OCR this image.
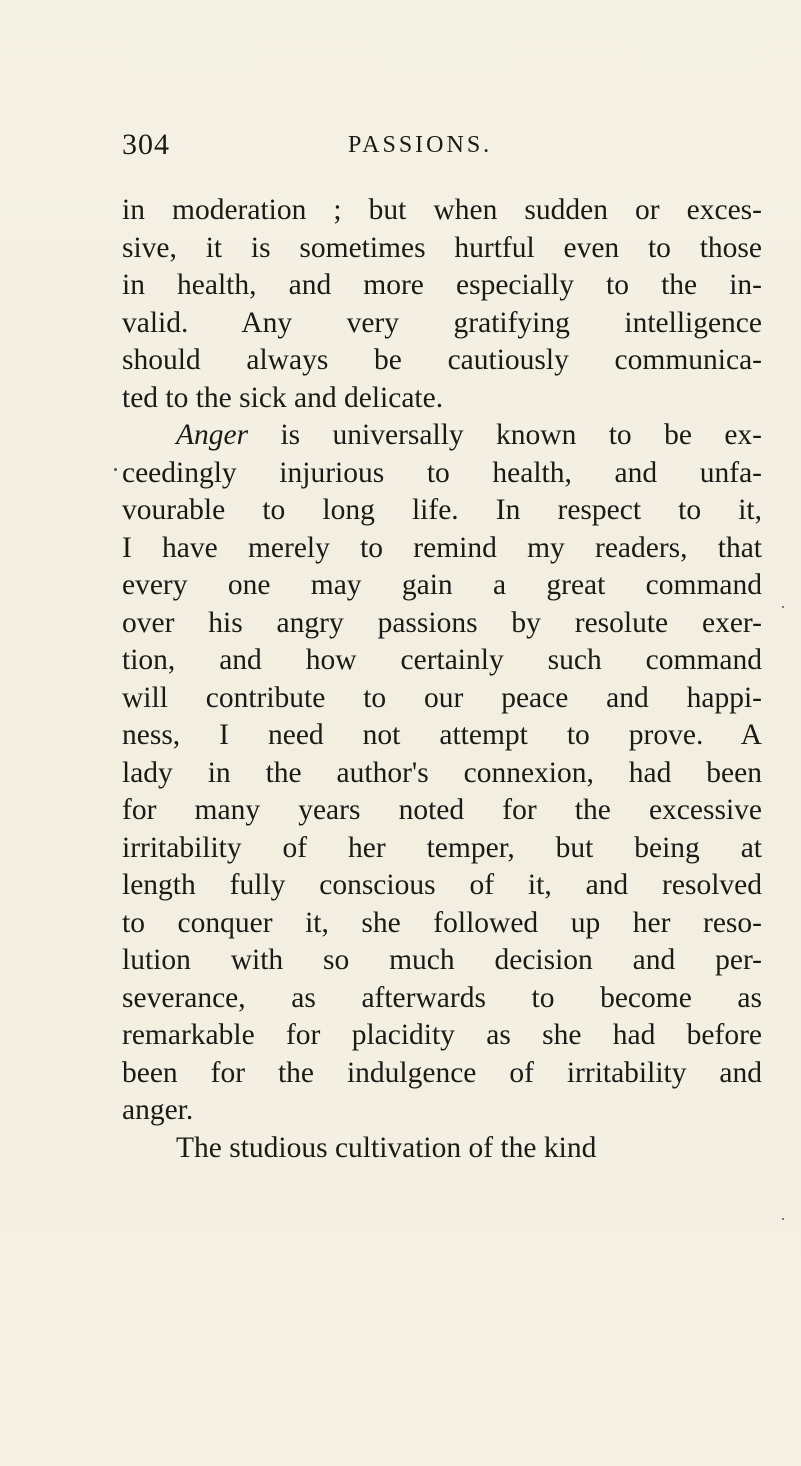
304	PASSIONS.
in moderation ; but when sudden or exces-
sive, it is sometimes hurtful even to those
in health, and more especially to the in-
valid. Any very gratifying intelligence
should always be cautiously communica-
ted to the sick and delicate.
Anger is universally known to be ex-
ceedingly injurious to health, and unfa-
vourable to long life. In respect to it,
I have merely to remind my readers, that
every one may gain a great command
over his angry passions by resolute exer-
tion, and how certainly such command
will contribute to our peace and happi-
ness, I need not attempt to prove. A
lady in the author's connexion, had been
for many years noted for the excessive
irritability of her temper, but being at
length fully conscious of it, and resolved
to conquer it, she followed up her reso-
lution with so much decision and per-
severance, as afterwards to become as
remarkable for placidity as she had before
been for the indulgence of irritability and
anger.
The studious cultivation of the kind
